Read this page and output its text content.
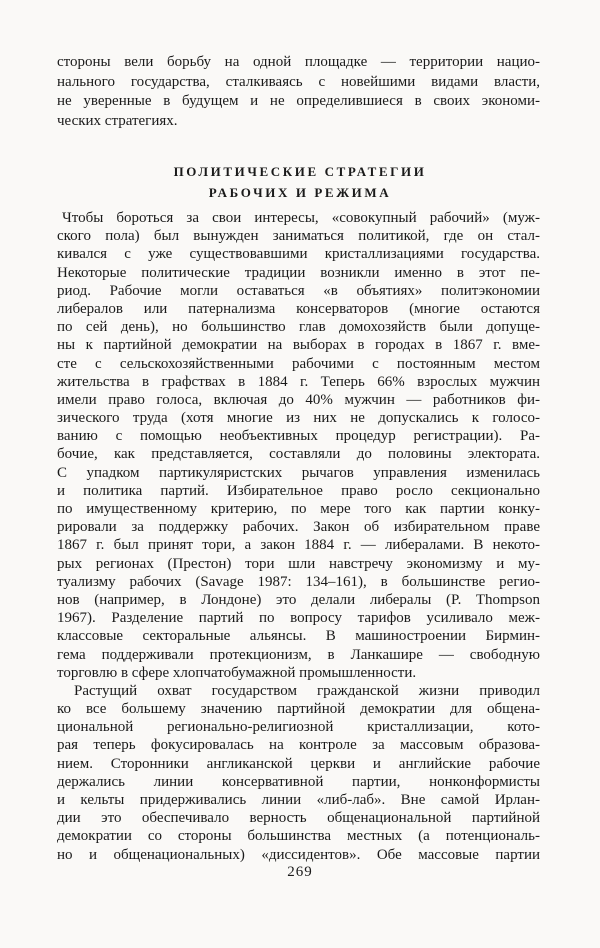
стороны вели борьбу на одной площадке — территории нацио-
нального государства, сталкиваясь с новейшими видами власти,
не уверенные в будущем и не определившиеся в своих экономи-
ческих стратегиях.
ПОЛИТИЧЕСКИЕ СТРАТЕГИИ
РАБОЧИХ И РЕЖИМА
Чтобы бороться за свои интересы, «совокупный рабочий» (муж-
ского пола) был вынужден заниматься политикой, где он стал-
кивался с уже существовавшими кристаллизациями государства.
Некоторые политические традиции возникли именно в этот пе-
риод. Рабочие могли оставаться «в объятиях» политэкономии
либералов или патернализма консерваторов (многие остаются
по сей день), но большинство глав домохозяйств были допуще-
ны к партийной демократии на выборах в городах в 1867 г. вме-
сте с сельскохозяйственными рабочими с постоянным местом
жительства в графствах в 1884 г. Теперь 66% взрослых мужчин
имели право голоса, включая до 40% мужчин — работников фи-
зического труда (хотя многие из них не допускались к голосо-
ванию с помощью необъективных процедур регистрации). Ра-
бочие, как представляется, составляли до половины электората.
С упадком партикуляристских рычагов управления изменилась
и политика партий. Избирательное право росло секционально
по имущественному критерию, по мере того как партии конку-
рировали за поддержку рабочих. Закон об избирательном праве
1867 г. был принят тори, а закон 1884 г. — либералами. В некото-
рых регионах (Престон) тори шли навстречу экономизму и му-
туализму рабочих (Savage 1987: 134–161), в большинстве регио-
нов (например, в Лондоне) это делали либералы (P. Thompson
1967). Разделение партий по вопросу тарифов усиливало меж-
классовые секторальные альянсы. В машиностроении Бирмин-
гема поддерживали протекционизм, в Ланкашире — свободную
торговлю в сфере хлопчатобумажной промышленности.
Растущий охват государством гражданской жизни приводил
ко все большему значению партийной демократии для общена-
циональной регионально-религиозной кристаллизации, кото-
рая теперь фокусировалась на контроле за массовым образова-
нием. Сторонники англиканской церкви и английские рабочие
держались линии консервативной партии, нонконформисты
и кельты придерживались линии «либ-лаб». Вне самой Ирлан-
дии это обеспечивало верность общенациональной партийной
демократии со стороны большинства местных (а потенциональ-
но и общенациональных) «диссидентов». Обе массовые партии
269
